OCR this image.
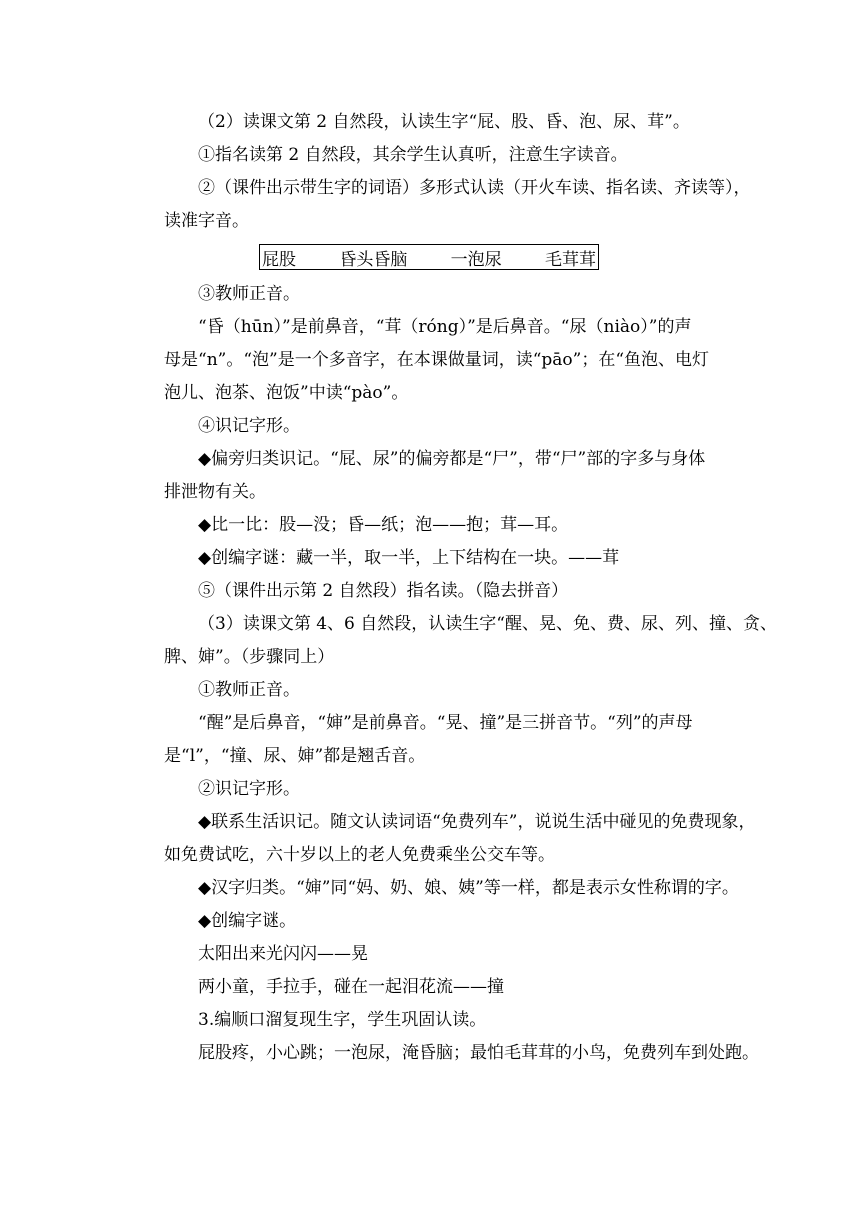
（2）读课文第 2 自然段，认读生字“屁、股、昏、泡、尿、茸”。
①指名读第 2 自然段，其余学生认真听，注意生字读音。
②（课件出示带生字的词语）多形式认读（开火车读、指名读、齐读等），
读准字音。
屁股	昏头昏脑	一泡尿	毛茸茸
③教师正音。
“昏（hūn）”是前鼻音，“茸（róng）”是后鼻音。“尿（niào）”的声
母是“n”。“泡”是一个多音字，在本课做量词，读“pāo”；在“鱼泡、电灯
泡儿、泡茶、泡饭”中读“pào”。
④识记字形。
◆偏旁归类识记。“屁、尿”的偏旁都是“尸”，带“尸”部的字多与身体
排泄物有关。
◆比一比：股—没；昏—纸；泡——抱；茸—耳。
◆创编字谜：藏一半，取一半，上下结构在一块。——茸
⑤（课件出示第 2 自然段）指名读。（隐去拼音）
（3）读课文第 4、6 自然段，认读生字“醒、晃、免、费、尿、列、撞、贪、
脾、婶”。（步骤同上）
①教师正音。
“醒”是后鼻音，“婶”是前鼻音。“晃、撞”是三拼音节。“列”的声母
是“l”，“撞、尿、婶”都是翘舌音。
②识记字形。
◆联系生活识记。随文认读词语“免费列车”，说说生活中碰见的免费现象，
如免费试吃，六十岁以上的老人免费乘坐公交车等。
◆汉字归类。“婶”同“妈、奶、娘、姨”等一样，都是表示女性称谓的字。
◆创编字谜。
太阳出来光闪闪——晃
两小童，手拉手，碰在一起泪花流——撞
3.编顺口溜复现生字，学生巩固认读。
屁股疼，小心跳；一泡尿，淹昏脑；最怕毛茸茸的小鸟，免费列车到处跑。
